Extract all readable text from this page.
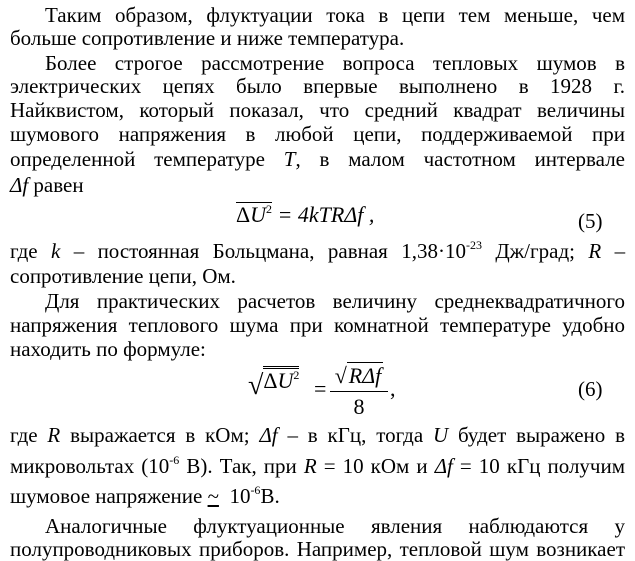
Таким образом, флуктуации тока в цепи тем меньше, чем
больше сопротивление и ниже температура.
Более строгое рассмотрение вопроса тепловых шумов в
электрических цепях было впервые выполнено в 1928 г.
Найквистом, который показал, что средний квадрат величины
шумового напряжения в любой цепи, поддерживаемой при
определенной температуре T, в малом частотном интервале
Δf равен
$\Delta U^2 = 4kTR\Delta f$ ,	(5)
где k – постоянная Больцмана, равная $1,38\cdot 10^{-23}$ Дж/град; R –
сопротивление цепи, Ом.
Для практических расчетов величину среднеквадратичного
напряжения теплового шума при комнатной температуре удобно
находить по формуле:
$√\Delta U^2$
=
√RΔf
8
,	(6)
где R выражается в кОм; Δf – в кГц, тогда U будет выражено в
микровольтах ($10^{-6}$ В). Так, при R = 10 кОм и Δf = 10 кГц получим
шумовое напряжение ~ $10^{-6}В$.
Аналогичные флуктуационные явления наблюдаются у
полупроводниковых приборов. Например, тепловой шум возникает
